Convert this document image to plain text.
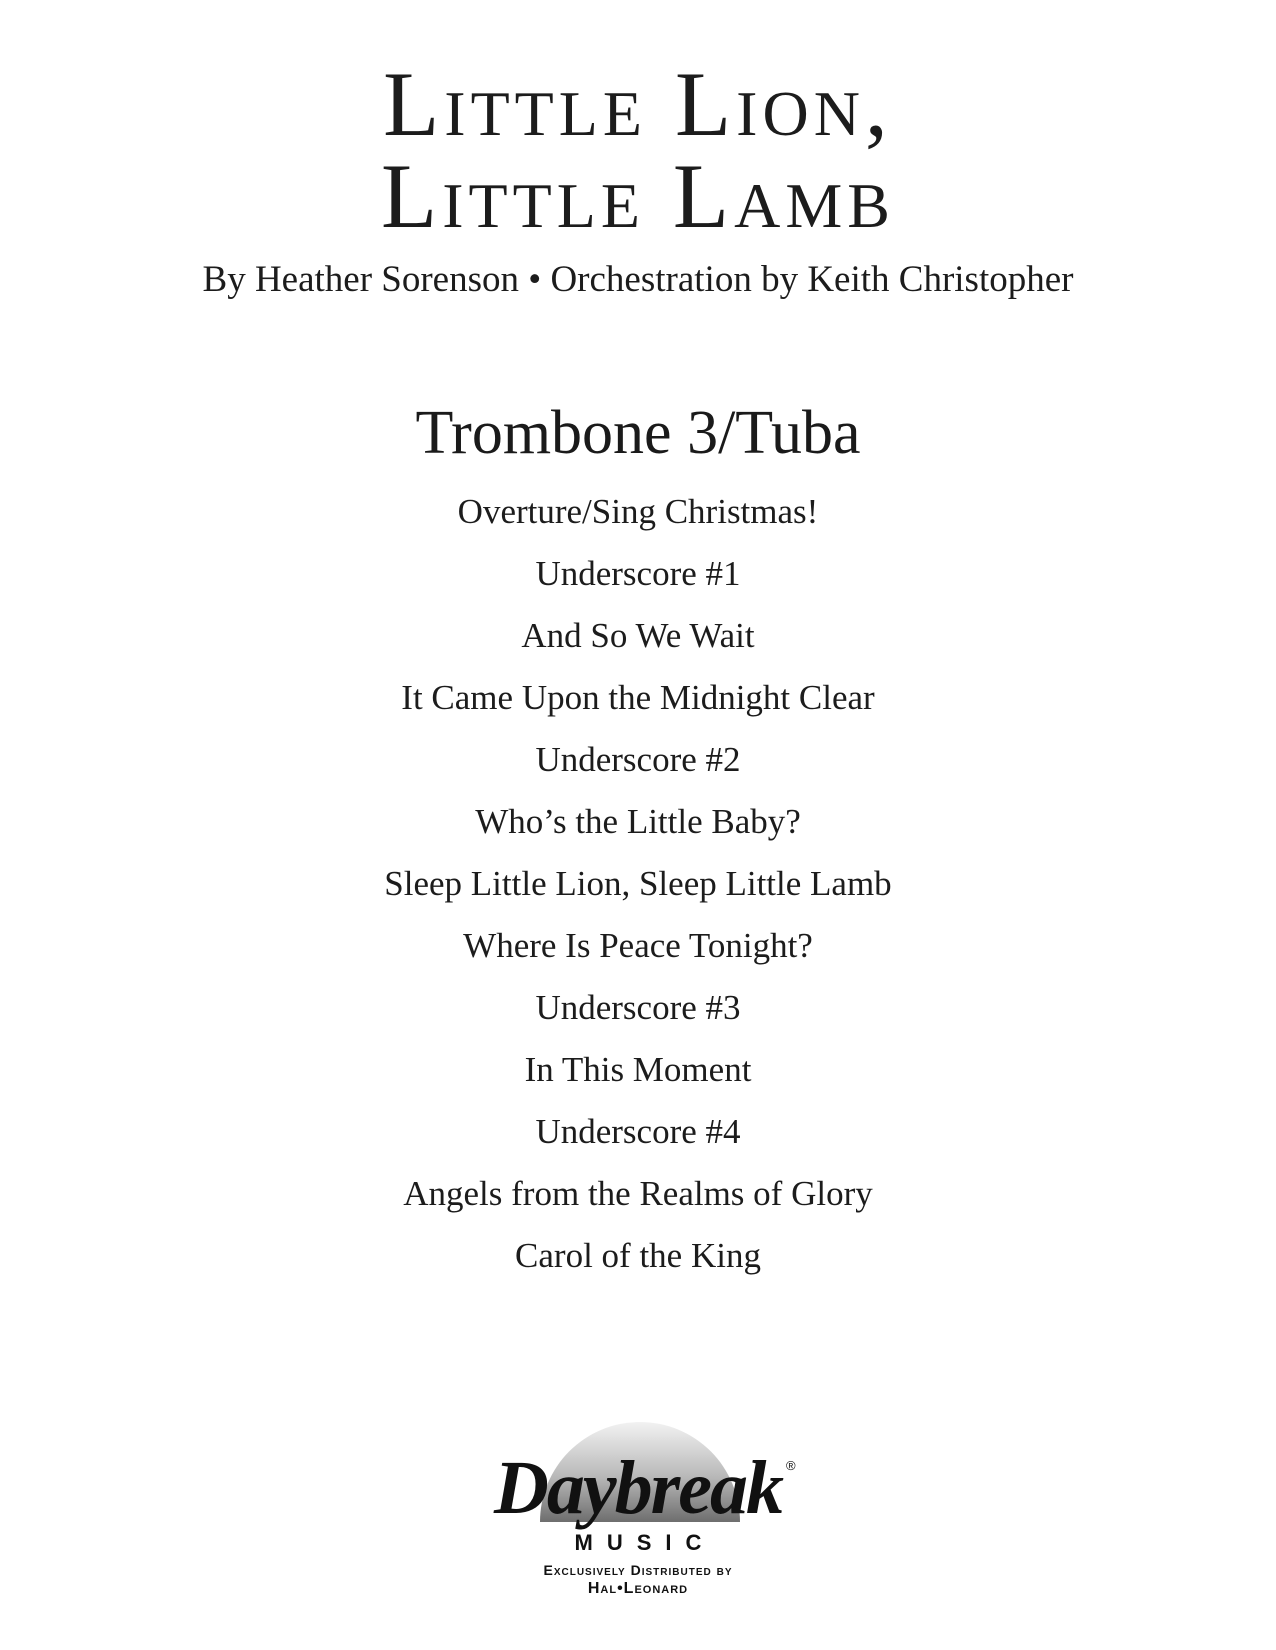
Little Lion,
Little Lamb
By Heather Sorenson • Orchestration by Keith Christopher
Trombone 3/Tuba
Overture/Sing Christmas!
Underscore #1
And So We Wait
It Came Upon the Midnight Clear
Underscore #2
Who’s the Little Baby?
Sleep Little Lion, Sleep Little Lamb
Where Is Peace Tonight?
Underscore #3
In This Moment
Underscore #4
Angels from the Realms of Glory
Carol of the King
Daybreak ®
MUSIC
Exclusively Distributed by
Hal•Leonard
